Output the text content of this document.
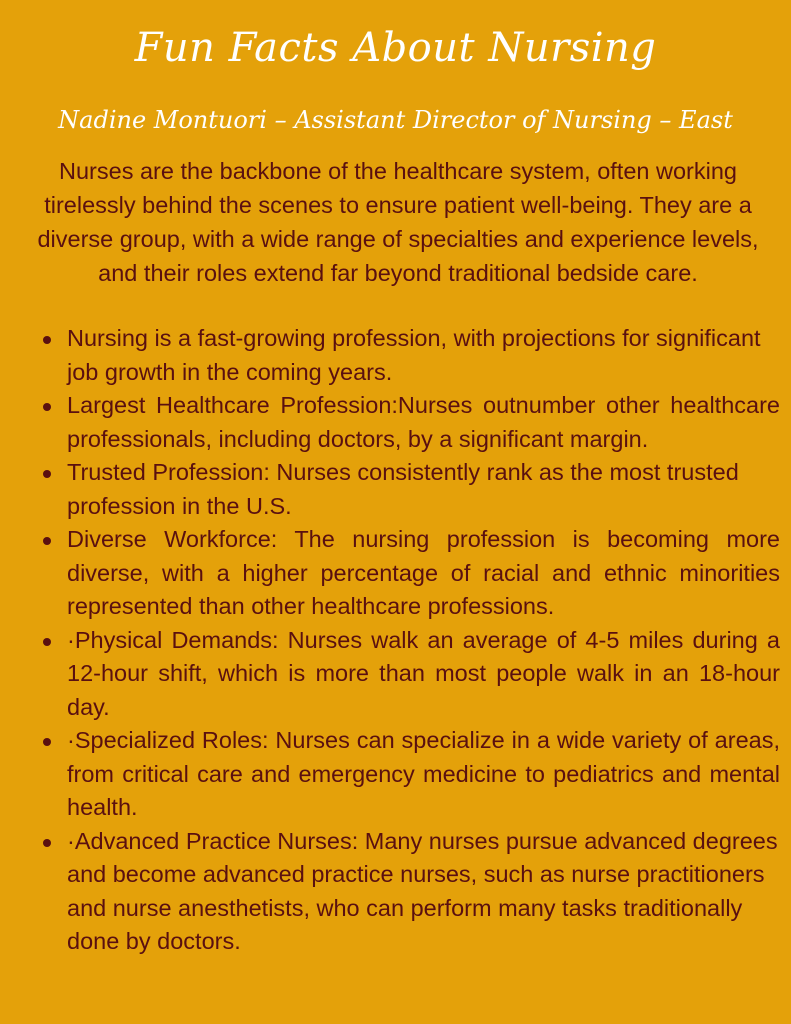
Fun Facts About Nursing
Nadine Montuori – Assistant Director of Nursing – East

Nurses are the backbone of the healthcare system, often working tirelessly behind the scenes to ensure patient well-being. They are a diverse group, with a wide range of specialties and experience levels, and their roles extend far beyond traditional bedside care.

Nursing is a fast-growing profession, with projections for significant job growth in the coming years.
Largest Healthcare Profession:Nurses outnumber other healthcare professionals, including doctors, by a significant margin.
Trusted Profession: Nurses consistently rank as the most trusted profession in the U.S.
Diverse Workforce: The nursing profession is becoming more diverse, with a higher percentage of racial and ethnic minorities represented than other healthcare professions.
·Physical Demands: Nurses walk an average of 4-5 miles during a 12-hour shift, which is more than most people walk in an 18-hour day.
·Specialized Roles: Nurses can specialize in a wide variety of areas, from critical care and emergency medicine to pediatrics and mental health.
·Advanced Practice Nurses: Many nurses pursue advanced degrees and become advanced practice nurses, such as nurse practitioners and nurse anesthetists, who can perform many tasks traditionally done by doctors.
